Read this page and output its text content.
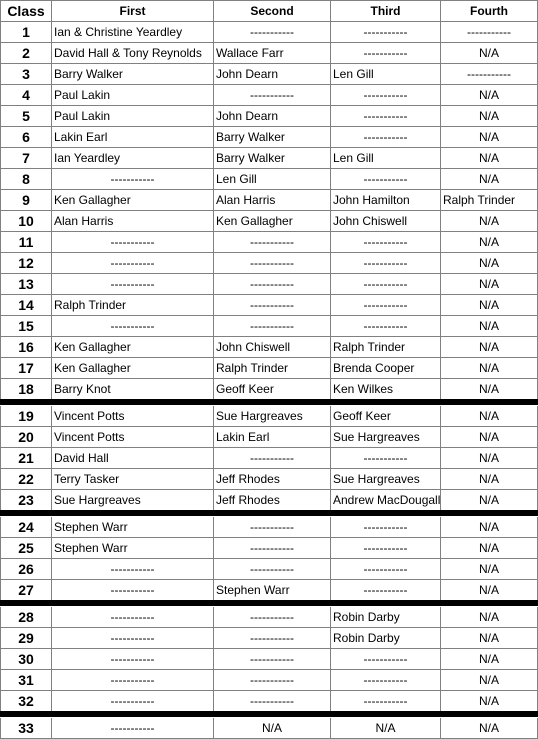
Class	First	Second	Third	Fourth
1	Ian & Christine Yeardley	-----------	-----------	-----------
2	David Hall & Tony Reynolds	Wallace Farr	-----------	N/A
3	Barry Walker	John Dearn	Len Gill	-----------
4	Paul Lakin	-----------	-----------	N/A
5	Paul Lakin	John Dearn	-----------	N/A
6	Lakin Earl	Barry Walker	-----------	N/A
7	Ian Yeardley	Barry Walker	Len Gill	N/A
8	-----------	Len Gill	-----------	N/A
9	Ken Gallagher	Alan Harris	John Hamilton	Ralph Trinder
10	Alan Harris	Ken Gallagher	John Chiswell	N/A
11	-----------	-----------	-----------	N/A
12	-----------	-----------	-----------	N/A
13	-----------	-----------	-----------	N/A
14	Ralph Trinder	-----------	-----------	N/A
15	-----------	-----------	-----------	N/A
16	Ken Gallagher	John Chiswell	Ralph Trinder	N/A
17	Ken Gallagher	Ralph Trinder	Brenda Cooper	N/A
18	Barry Knot	Geoff Keer	Ken Wilkes	N/A
19	Vincent Potts	Sue Hargreaves	Geoff Keer	N/A
20	Vincent Potts	Lakin Earl	Sue Hargreaves	N/A
21	David Hall	-----------	-----------	N/A
22	Terry Tasker	Jeff Rhodes	Sue Hargreaves	N/A
23	Sue Hargreaves	Jeff Rhodes	Andrew MacDougall	N/A
24	Stephen Warr	-----------	-----------	N/A
25	Stephen Warr	-----------	-----------	N/A
26	-----------	-----------	-----------	N/A
27	-----------	Stephen Warr	-----------	N/A
28	-----------	-----------	Robin Darby	N/A
29	-----------	-----------	Robin Darby	N/A
30	-----------	-----------	-----------	N/A
31	-----------	-----------	-----------	N/A
32	-----------	-----------	-----------	N/A
33	-----------	N/A	N/A	N/A
